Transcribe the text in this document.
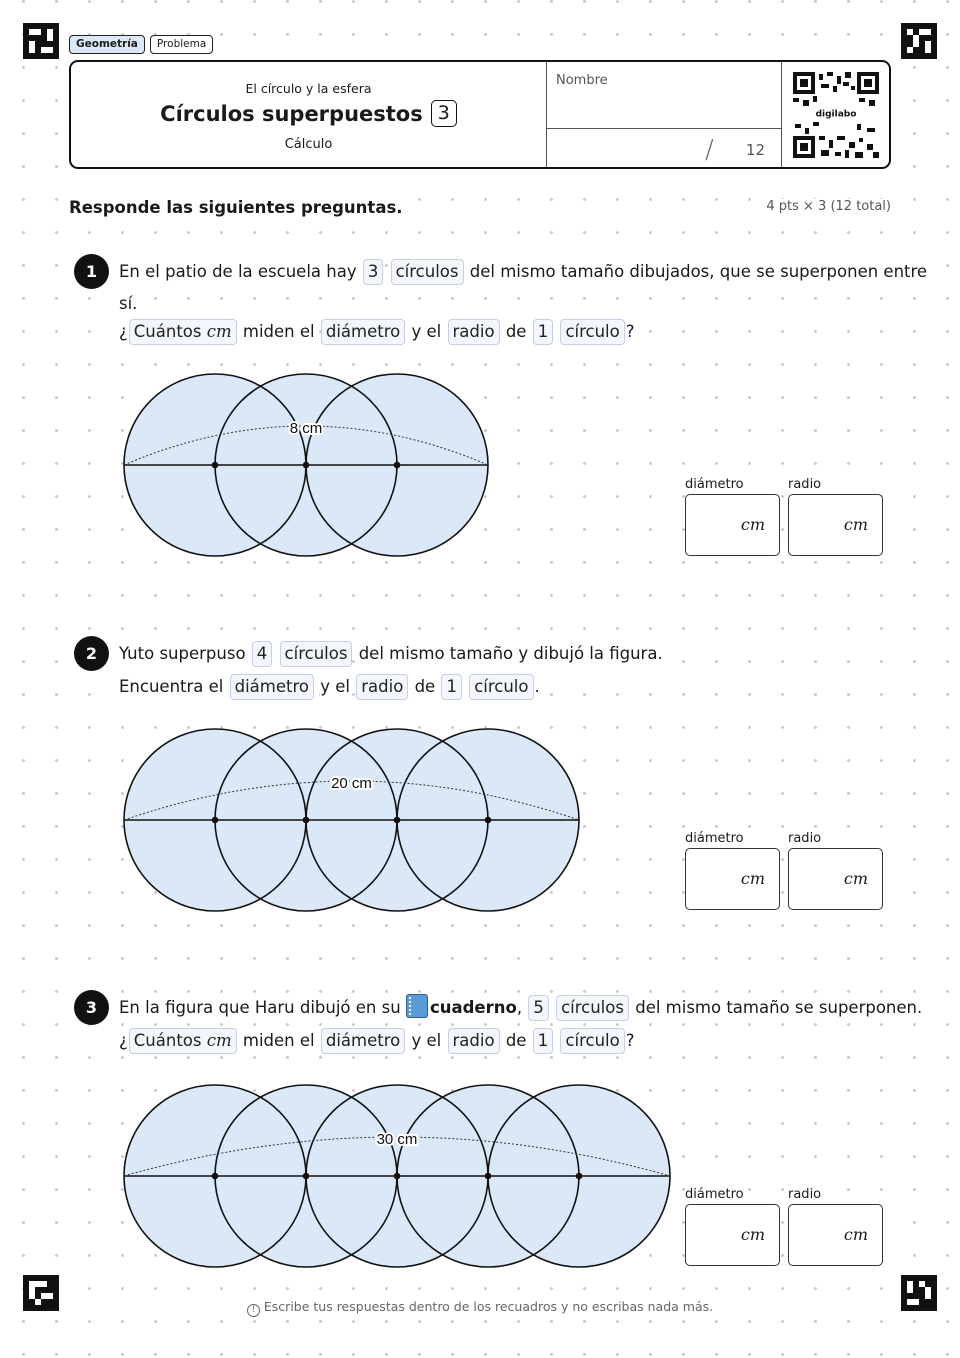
Geometría	Problema
El círculo y la esfera
Círculos superpuestos 3
Cálculo
Nombre
/ 12
digilabo
Responde las siguientes preguntas.	4 pts × 3 (12 total)
1	En el patio de la escuela hay 3 círculos del mismo tamaño dibujados, que se superponen entre
sí.
¿ Cuántos cm miden el diámetro y el radio de 1 círculo ?
8 cm
diámetro	radio
cm	cm
2	Yuto superpuso 4 círculos del mismo tamaño y dibujó la figura.
Encuentra el diámetro y el radio de 1 círculo .
20 cm
diámetro	radio
cm	cm
3	En la figura que Haru dibujó en su cuaderno, 5 círculos del mismo tamaño se superponen.
¿ Cuántos cm miden el diámetro y el radio de 1 círculo ?
30 cm
diámetro	radio
cm	cm
! Escribe tus respuestas dentro de los recuadros y no escribas nada más.
